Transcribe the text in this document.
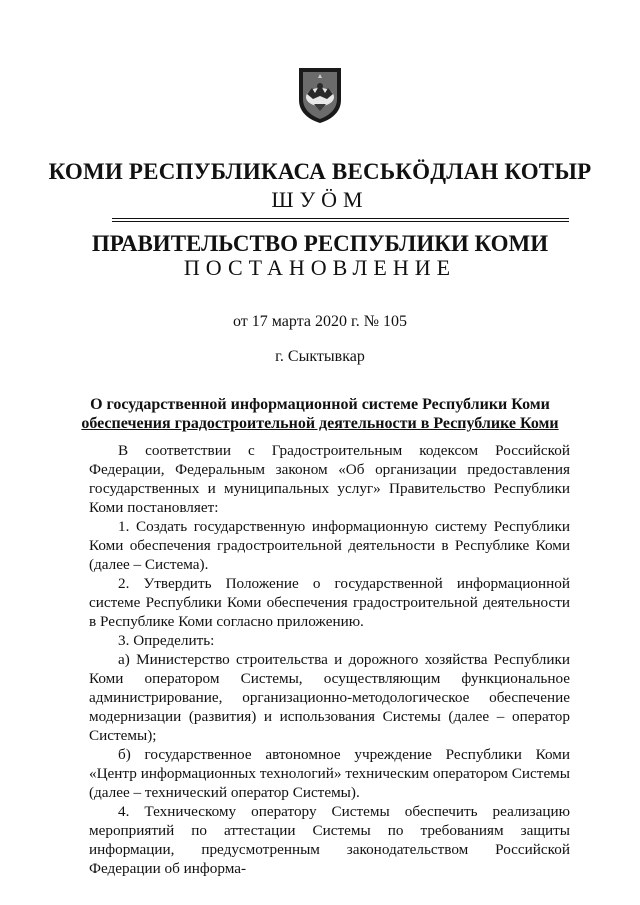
КОМИ РЕСПУБЛИКАСА ВЕСЬКӦДЛАН КОТЫР
ШУӦМ
ПРАВИТЕЛЬСТВО РЕСПУБЛИКИ КОМИ
ПОСТАНОВЛЕНИЕ
от 17 марта 2020 г. № 105
г. Сыктывкар
О государственной информационной системе Республики Коми
обеспечения градостроительной деятельности в Республике Коми

В соответствии с Градостроительным кодексом Российской Федерации, Федеральным законом «Об организации предоставления государственных и муниципальных услуг» Правительство Республики Коми постановляет:

1. Создать государственную информационную систему Республики Коми обеспечения градостроительной деятельности в Республике Коми (далее – Система).

2. Утвердить Положение о государственной информационной системе Республики Коми обеспечения градостроительной деятельности в Республике Коми согласно приложению.

3. Определить:

а) Министерство строительства и дорожного хозяйства Республики Коми оператором Системы, осуществляющим функциональное администрирование, организационно-методологическое обеспечение модернизации (развития) и использования Системы (далее – оператор Системы);

б) государственное автономное учреждение Республики Коми «Центр информационных технологий» техническим оператором Системы (далее – технический оператор Системы).

4. Техническому оператору Системы обеспечить реализацию мероприятий по аттестации Системы по требованиям защиты информации, предусмотренным законодательством Российской Федерации об информа-
